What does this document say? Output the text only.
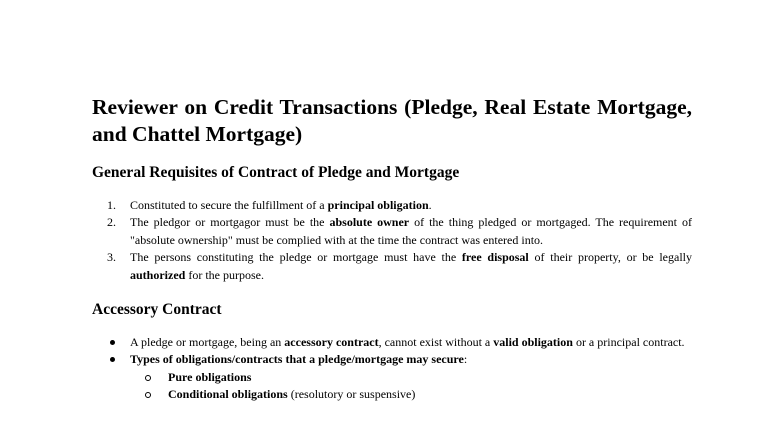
Reviewer on Credit Transactions (Pledge, Real Estate Mortgage, and Chattel Mortgage)
General Requisites of Contract of Pledge and Mortgage
1. Constituted to secure the fulfillment of a principal obligation.
2. The pledgor or mortgagor must be the absolute owner of the thing pledged or mortgaged. The requirement of "absolute ownership" must be complied with at the time the contract was entered into.
3. The persons constituting the pledge or mortgage must have the free disposal of their property, or be legally authorized for the purpose.
Accessory Contract
A pledge or mortgage, being an accessory contract, cannot exist without a valid obligation or a principal contract.
Types of obligations/contracts that a pledge/mortgage may secure:
Pure obligations
Conditional obligations (resolutory or suspensive)
